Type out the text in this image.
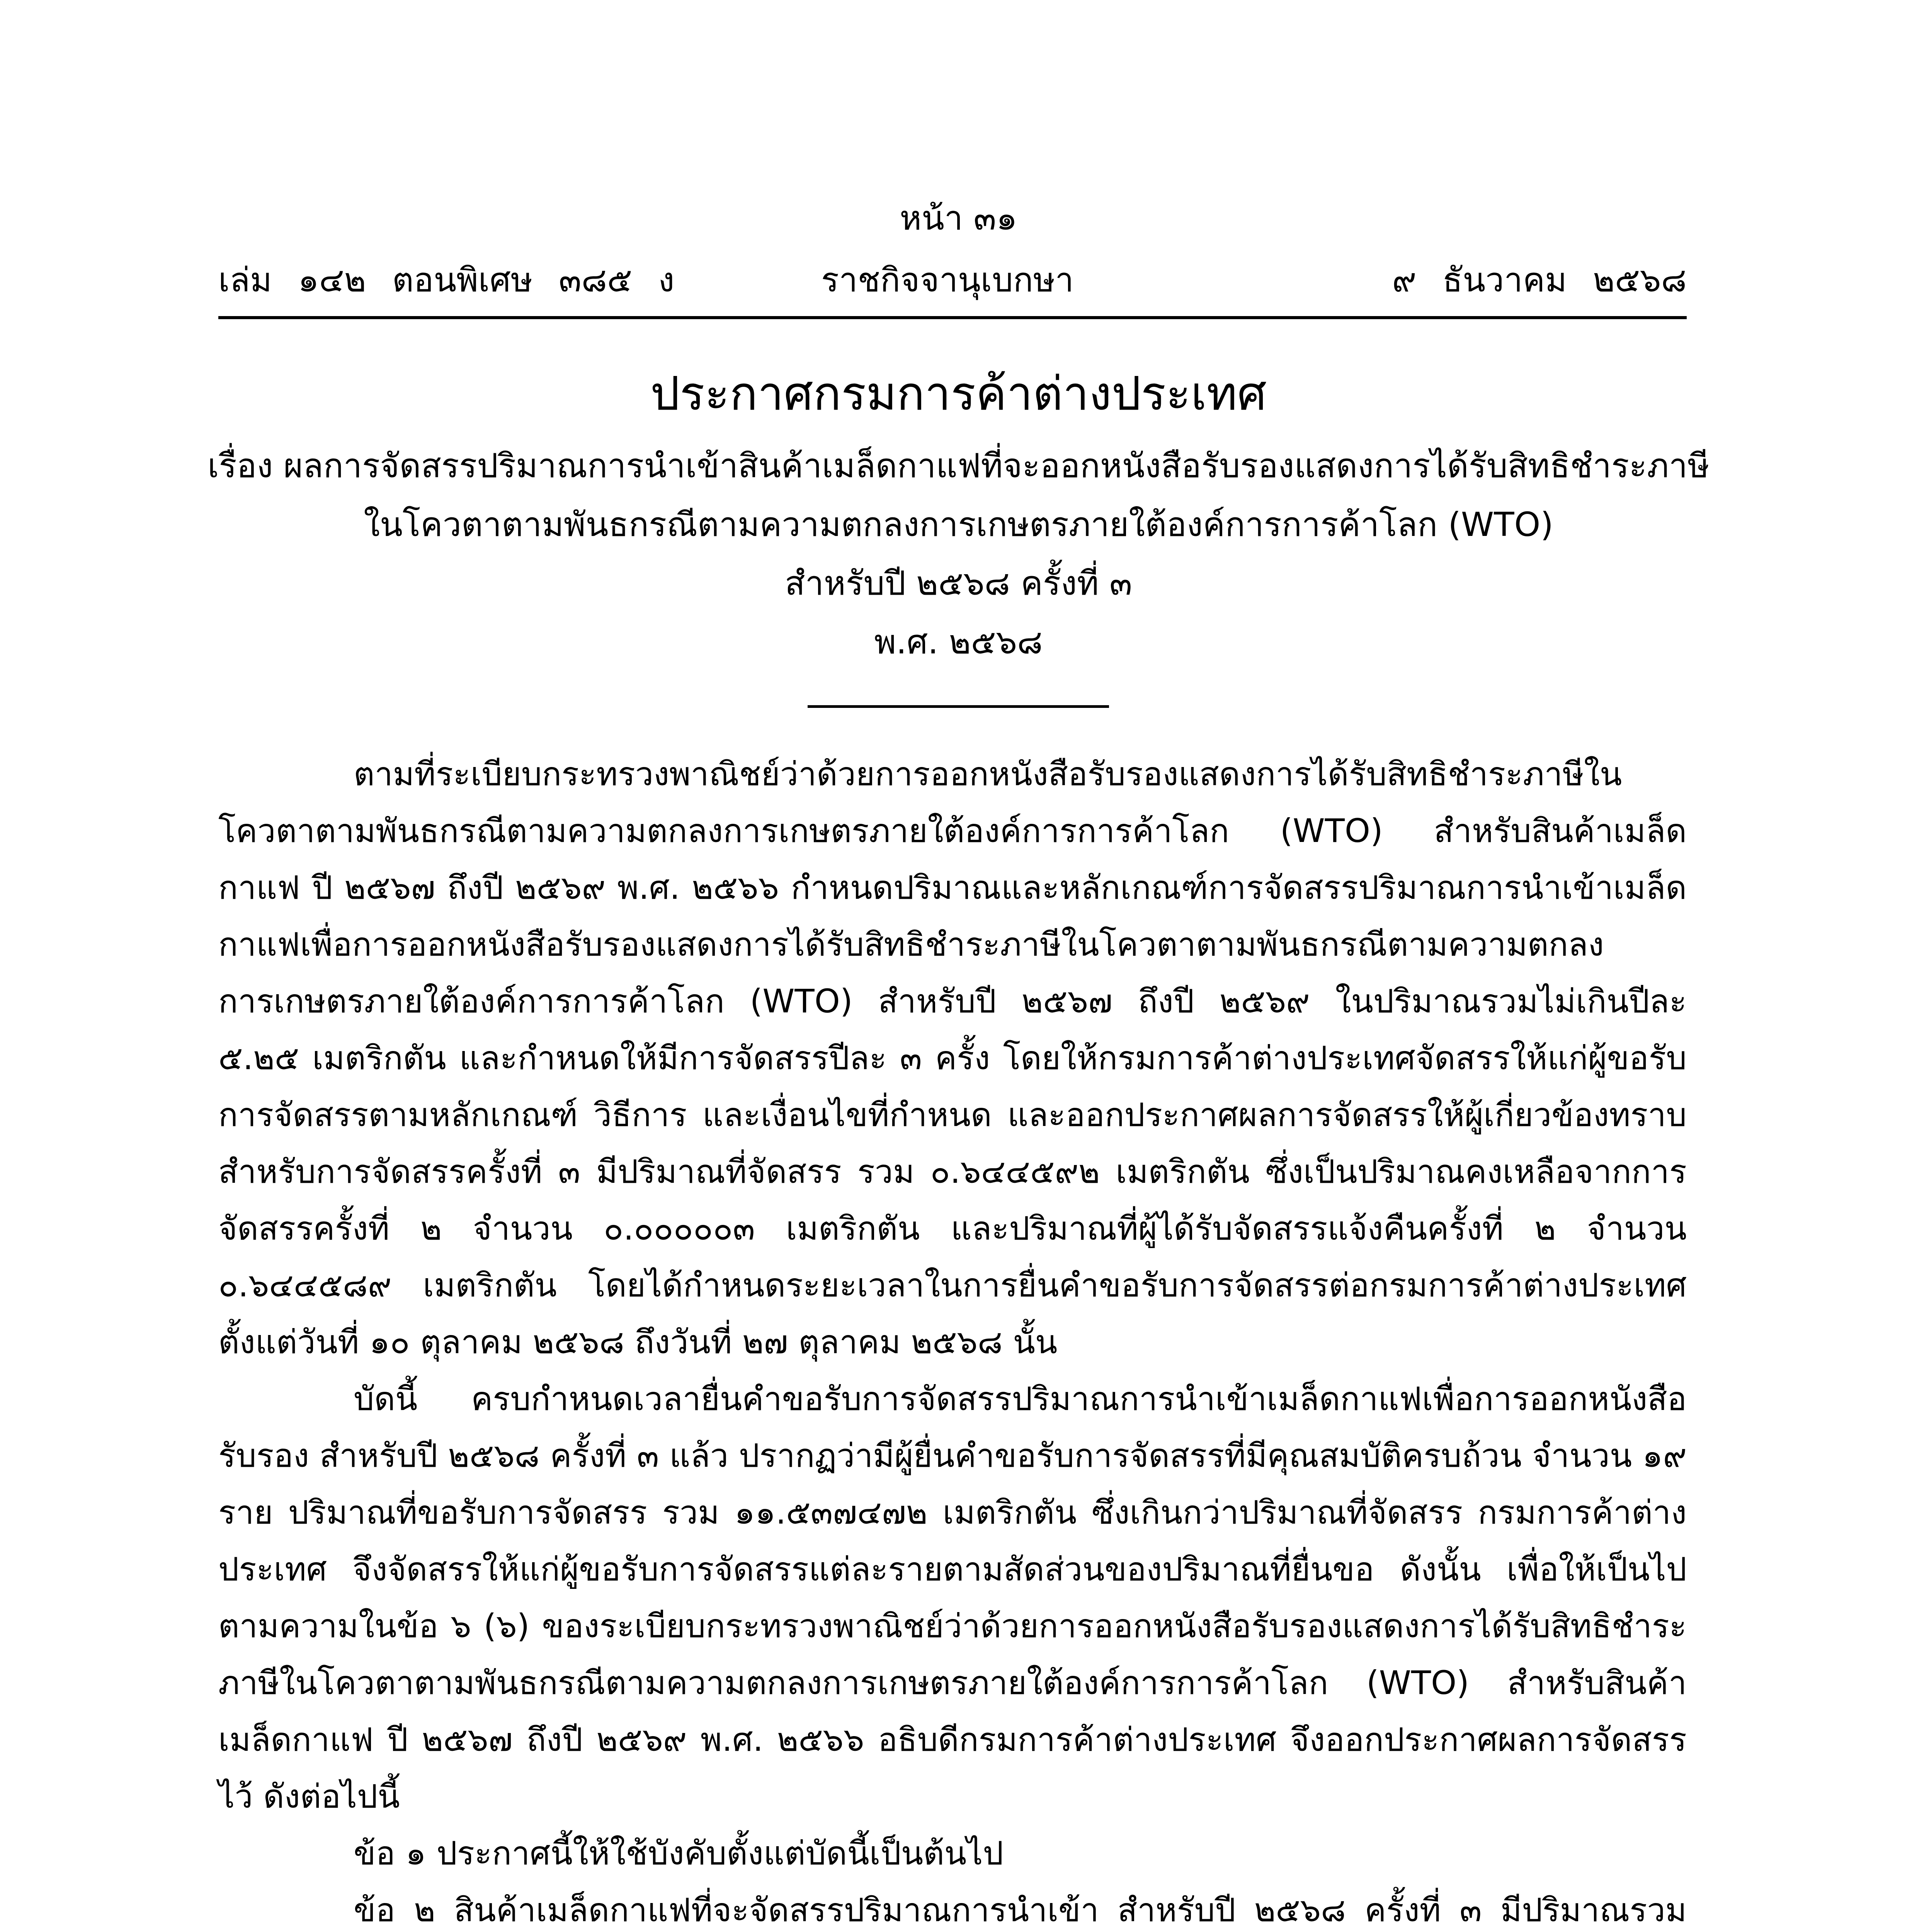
หน้า ๓๑
เล่ม ๑๔๒ ตอนพิเศษ ๓๘๕ ง	ราชกิจจานุเบกษา	๙ ธันวาคม ๒๕๖๘
ประกาศกรมการค้าต่างประเทศ
เรื่อง ผลการจัดสรรปริมาณการนำเข้าสินค้าเมล็ดกาแฟที่จะออกหนังสือรับรองแสดงการได้รับสิทธิชำระภาษี
ในโควตาตามพันธกรณีตามความตกลงการเกษตรภายใต้องค์การการค้าโลก (WTO)
สำหรับปี ๒๕๖๘ ครั้งที่ ๓
พ.ศ. ๒๕๖๘

ตามที่ระเบียบกระทรวงพาณิชย์ว่าด้วยการออกหนังสือรับรองแสดงการได้รับสิทธิชำระภาษีในโควตาตามพันธกรณีตามความตกลงการเกษตรภายใต้องค์การการค้าโลก (WTO) สำหรับสินค้าเมล็ดกาแฟ ปี ๒๕๖๗ ถึงปี ๒๕๖๙ พ.ศ. ๒๕๖๖ กำหนดปริมาณและหลักเกณฑ์การจัดสรรปริมาณการนำเข้าเมล็ดกาแฟเพื่อการออกหนังสือรับรองแสดงการได้รับสิทธิชำระภาษีในโควตาตามพันธกรณีตามความตกลงการเกษตรภายใต้องค์การการค้าโลก (WTO) สำหรับปี ๒๕๖๗ ถึงปี ๒๕๖๙ ในปริมาณรวมไม่เกินปีละ ๕.๒๕ เมตริกตัน และกำหนดให้มีการจัดสรรปีละ ๓ ครั้ง โดยให้กรมการค้าต่างประเทศจัดสรรให้แก่ผู้ขอรับการจัดสรรตามหลักเกณฑ์ วิธีการ และเงื่อนไขที่กำหนด และออกประกาศผลการจัดสรรให้ผู้เกี่ยวข้องทราบ สำหรับการจัดสรรครั้งที่ ๓ มีปริมาณที่จัดสรร รวม ๐.๖๔๔๕๙๒ เมตริกตัน ซึ่งเป็นปริมาณคงเหลือจากการจัดสรรครั้งที่ ๒ จำนวน ๐.๐๐๐๐๐๓ เมตริกตัน และปริมาณที่ผู้ได้รับจัดสรรแจ้งคืนครั้งที่ ๒ จำนวน ๐.๖๔๔๕๘๙ เมตริกตัน โดยได้กำหนดระยะเวลาในการยื่นคำขอรับการจัดสรรต่อกรมการค้าต่างประเทศตั้งแต่วันที่ ๑๐ ตุลาคม ๒๕๖๘ ถึงวันที่ ๒๗ ตุลาคม ๒๕๖๘ นั้น

บัดนี้ ครบกำหนดเวลายื่นคำขอรับการจัดสรรปริมาณการนำเข้าเมล็ดกาแฟเพื่อการออกหนังสือรับรอง สำหรับปี ๒๕๖๘ ครั้งที่ ๓ แล้ว ปรากฏว่ามีผู้ยื่นคำขอรับการจัดสรรที่มีคุณสมบัติครบถ้วน จำนวน ๑๙ ราย ปริมาณที่ขอรับการจัดสรร รวม ๑๑.๕๓๗๔๗๒ เมตริกตัน ซึ่งเกินกว่าปริมาณที่จัดสรร กรมการค้าต่างประเทศ จึงจัดสรรให้แก่ผู้ขอรับการจัดสรรแต่ละรายตามสัดส่วนของปริมาณที่ยื่นขอ ดังนั้น เพื่อให้เป็นไปตามความในข้อ ๖ (๖) ของระเบียบกระทรวงพาณิชย์ว่าด้วยการออกหนังสือรับรองแสดงการได้รับสิทธิชำระภาษีในโควตาตามพันธกรณีตามความตกลงการเกษตรภายใต้องค์การการค้าโลก (WTO) สำหรับสินค้าเมล็ดกาแฟ ปี ๒๕๖๗ ถึงปี ๒๕๖๙ พ.ศ. ๒๕๖๖ อธิบดีกรมการค้าต่างประเทศ จึงออกประกาศผลการจัดสรรไว้ ดังต่อไปนี้

ข้อ ๑ ประกาศนี้ให้ใช้บังคับตั้งแต่บัดนี้เป็นต้นไป

ข้อ ๒ สินค้าเมล็ดกาแฟที่จะจัดสรรปริมาณการนำเข้า สำหรับปี ๒๕๖๘ ครั้งที่ ๓ มีปริมาณรวม
